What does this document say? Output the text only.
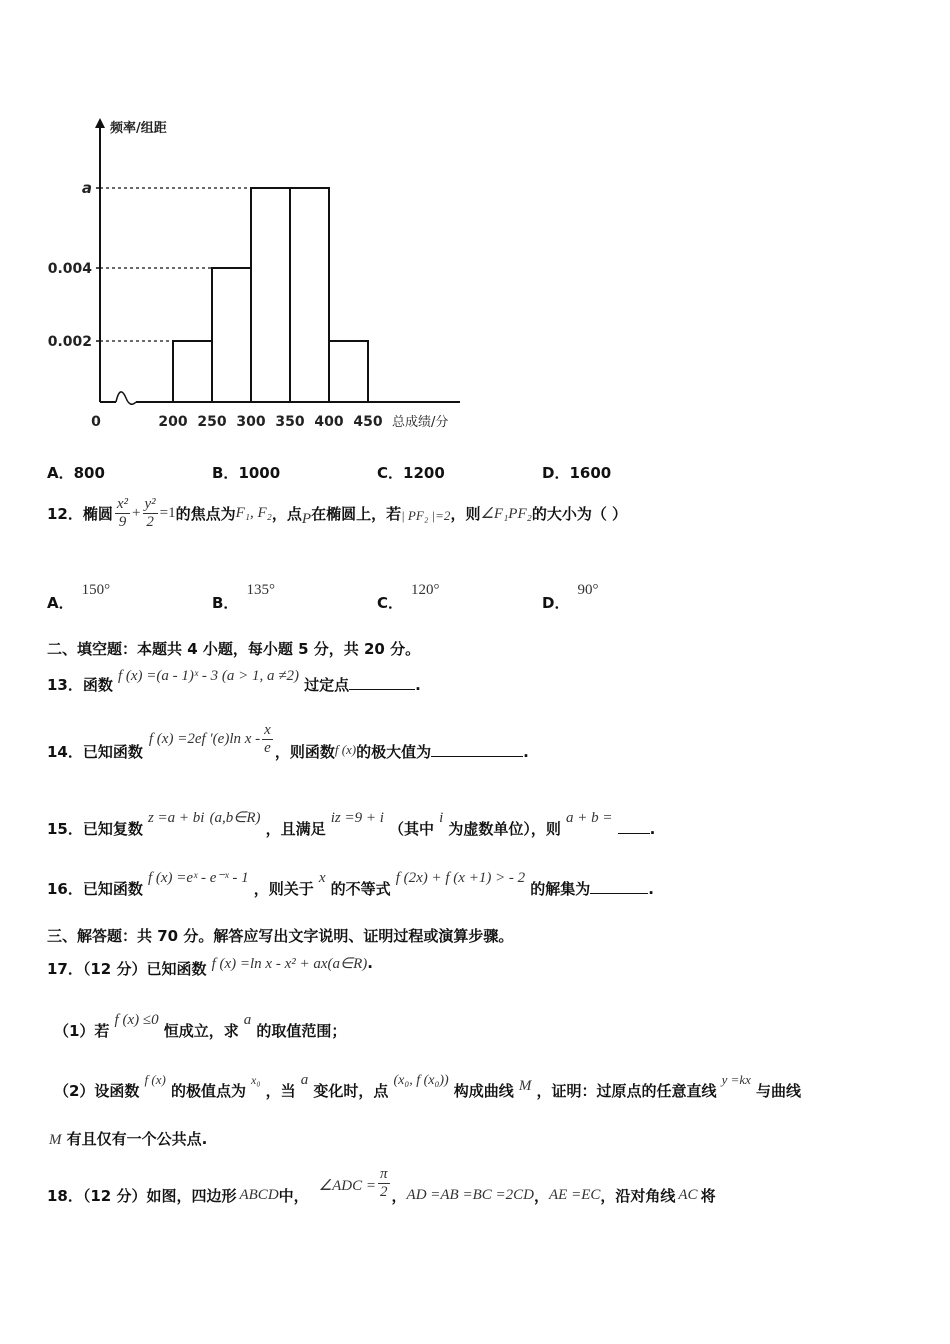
频率/组距
总成绩/分
0
a
0.004
0.002
200 250 300 350 400 450
A．800	B．1000	C．1200	D．1600
12．椭圆 $\frac{\text{x²}}{9} + \frac{\text{y²}}{2} =1$ 的焦点为 F₁, F₂ ，点 P 在椭圆上，若 | PF₂ |=2 ，则 ∠F₁PF₂ 的大小为（ ）
A．150°
B．135°
C．120°
D．90°
二、填空题：本题共 4 小题，每小题 5 分，共 20 分。
13．函数 f (x) =(a - 1)ˣ - 3 (a > 1, a ≠2) 过定点	.
14．已知函数
f (x) =2ef ′(e)ln x - $\frac{x}{e}$ ，则函数 f (x) 的极大值为	.
15．已知复数 z =a + bi (a,b∈R) ，且满足 iz =9 + i （其中 i 为虚数单位），则 a + b = .
16．已知函数 f (x) =eˣ - e⁻ˣ - 1 ，则关于 x 的不等式 f (2x) + f (x +1) > - 2 的解集为	.
三、解答题：共 70 分。解答应写出文字说明、证明过程或演算步骤。
17．（12 分）已知函数 f (x) =ln x - x² + ax(a∈R).
（1）若 f (x) ≤0 恒成立，求 a 的取值范围；
（2）设函数 f (x) 的极值点为 x₀ ，当 a 变化时，点 (x₀, f (x₀)) 构成曲线 M ，证明：过原点的任意直线 y =kx 与曲线
M 有且仅有一个公共点.
18．（12 分）如图，四边形 ABCD 中，
∠ADC = $\frac{\pi}{2}$ ， AD =AB =BC =2CD ， AE =EC ，沿对角线 AC 将
